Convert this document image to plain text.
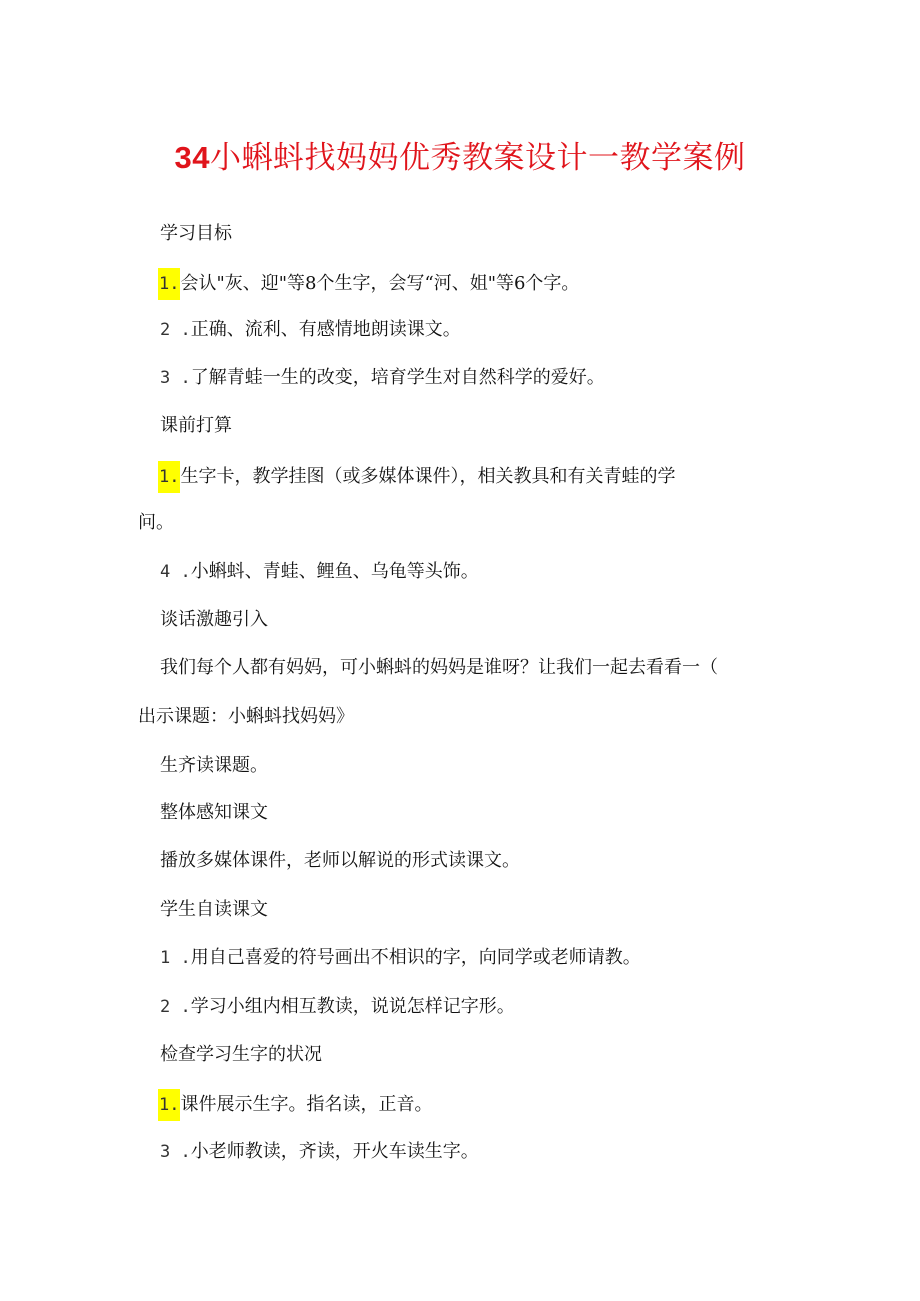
34小蝌蚪找妈妈优秀教案设计一教学案例
学习目标
1.会认"灰、迎"等8个生字，会写“河、姐"等6个字。
2 .正确、流利、有感情地朗读课文。
3 .了解青蛙一生的改变，培育学生对自然科学的爱好。
课前打算
1.生字卡，教学挂图（或多媒体课件），相关教具和有关青蛙的学
问。
4 .小蝌蚪、青蛙、鲤鱼、乌龟等头饰。
谈话激趣引入
我们每个人都有妈妈，可小蝌蚪的妈妈是谁呀？让我们一起去看看一（
出示课题：小蝌蚪找妈妈》
生齐读课题。
整体感知课文
播放多媒体课件，老师以解说的形式读课文。
学生自读课文
1 .用自己喜爱的符号画出不相识的字，向同学或老师请教。
2 .学习小组内相互教读，说说怎样记字形。
检查学习生字的状况
1.课件展示生字。指名读，正音。
3 .小老师教读，齐读，开火车读生字。
